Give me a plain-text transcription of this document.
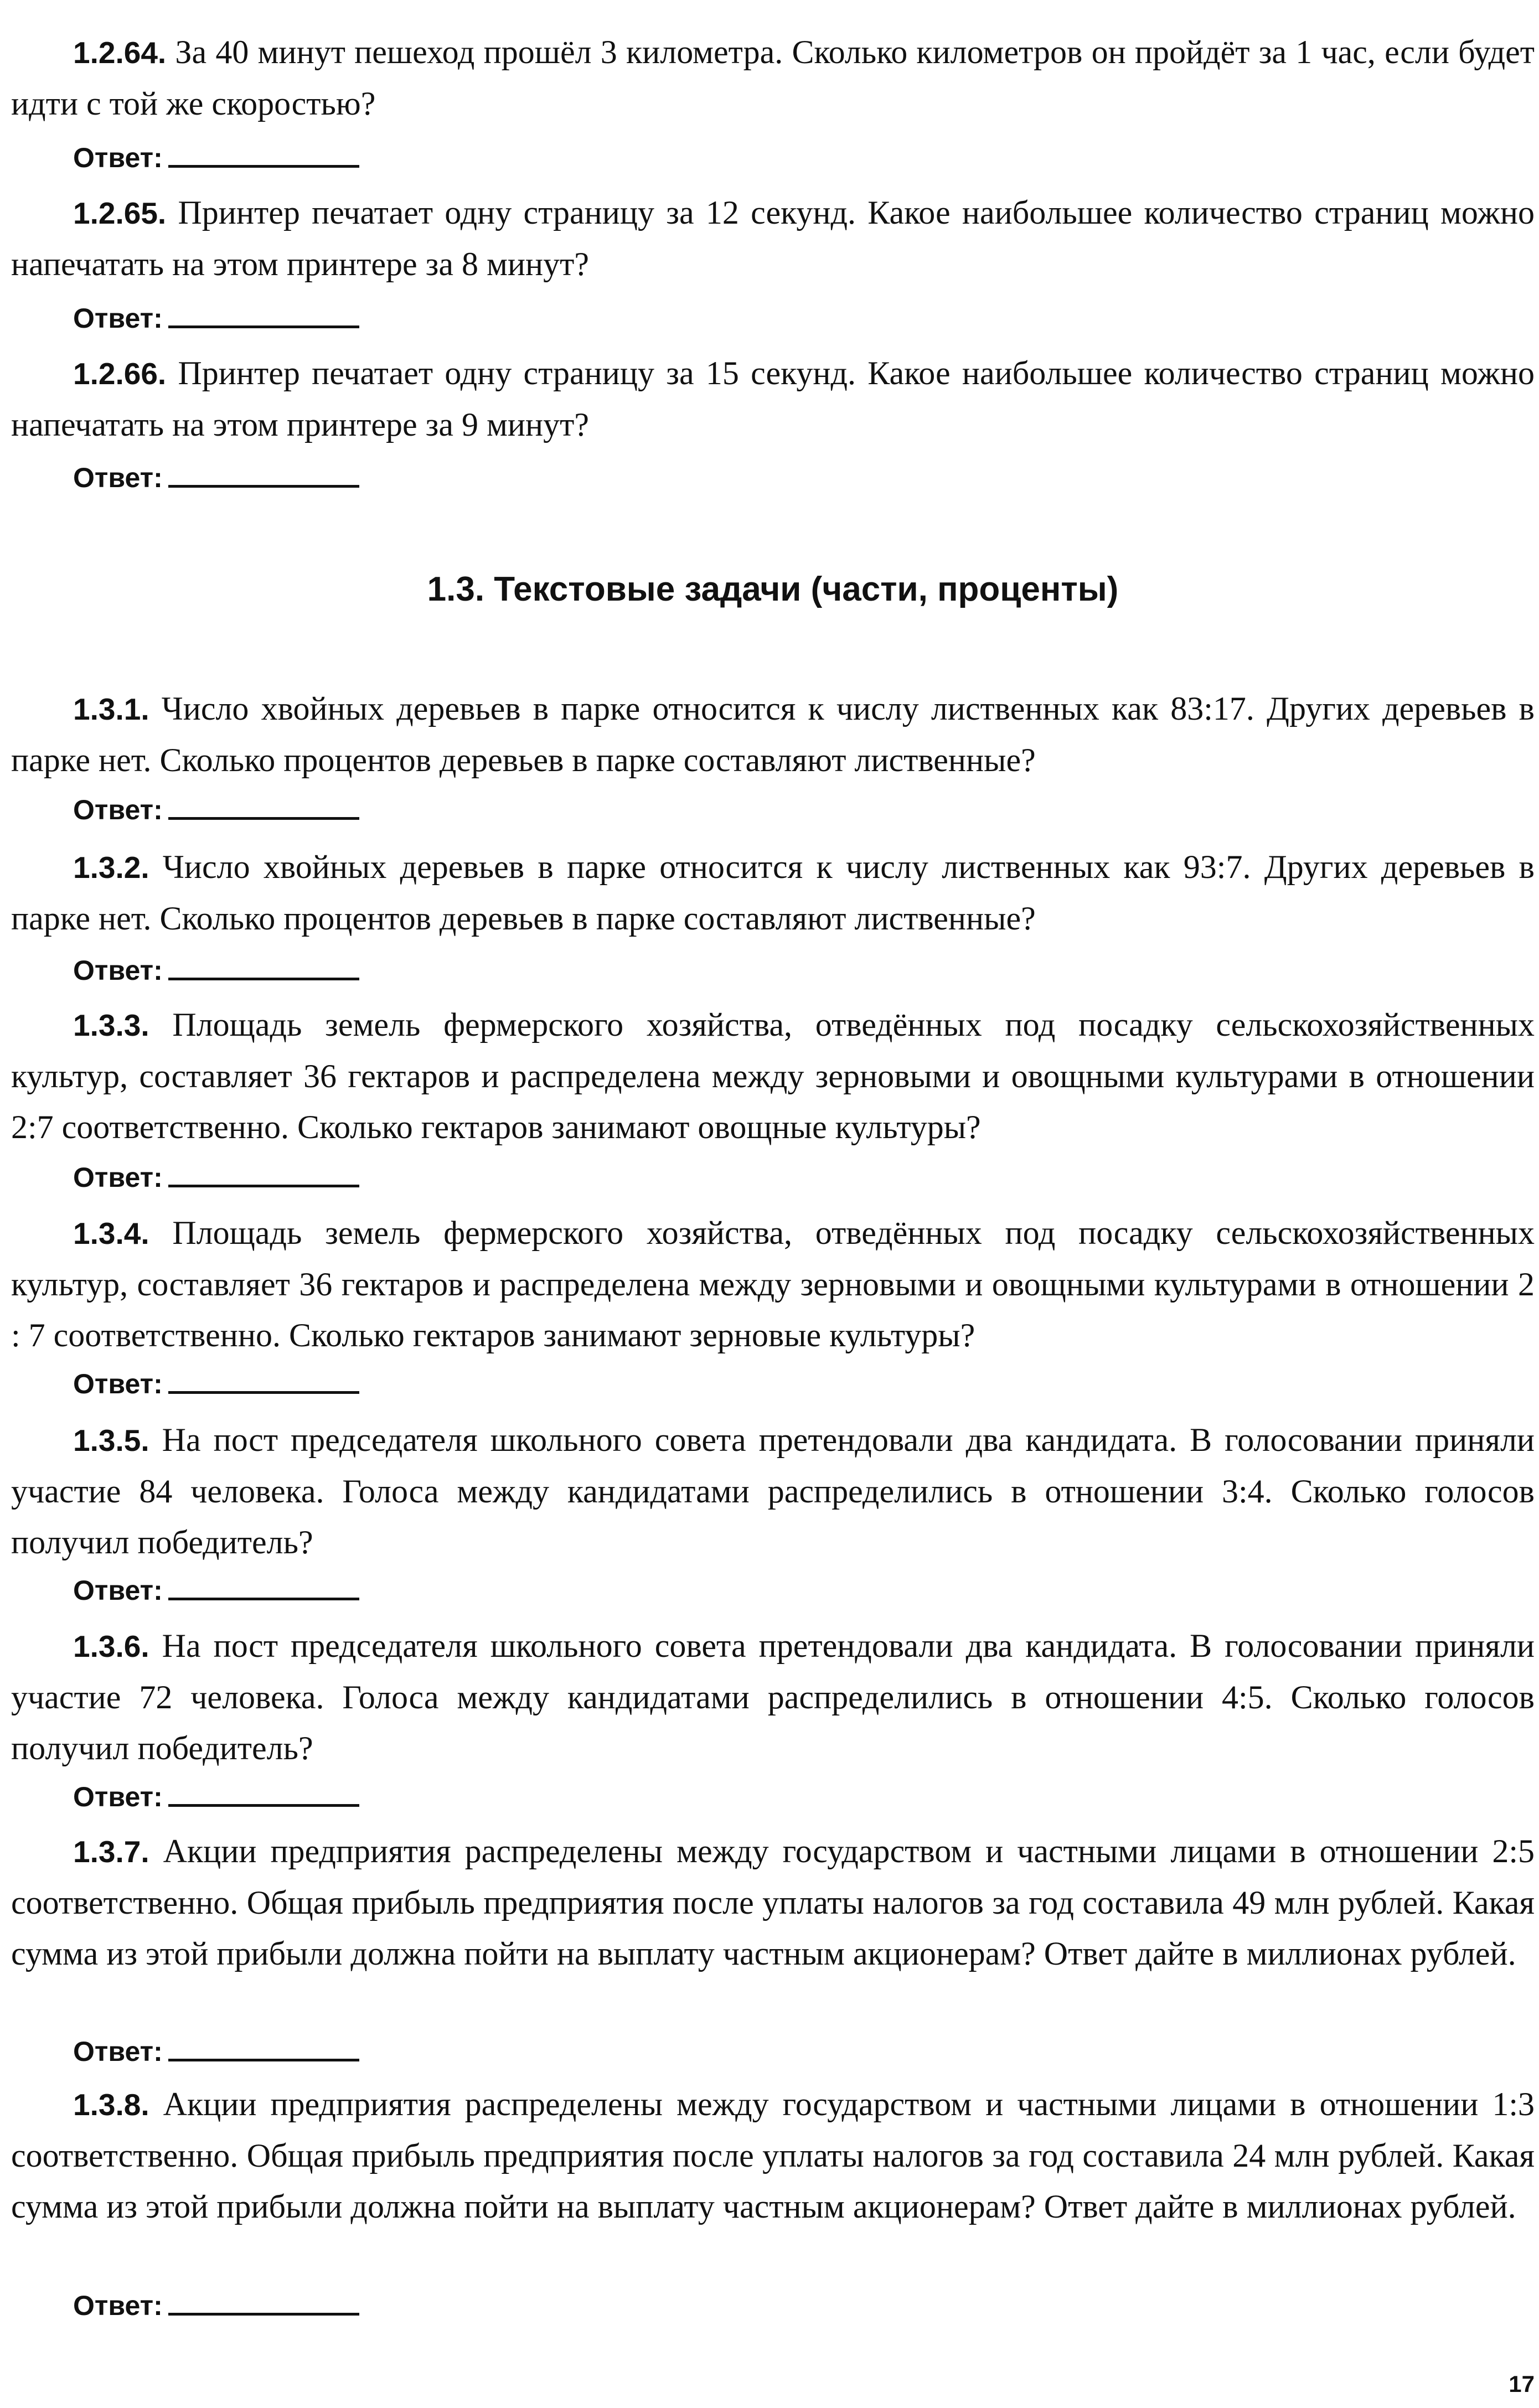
1.2.64. За 40 минут пешеход прошёл 3 километра. Сколько километров он пройдёт за 1 час, если будет идти с той же скоростью?
Ответ:
1.2.65. Принтер печатает одну страницу за 12 секунд. Какое наибольшее количество страниц можно напечатать на этом принтере за 8 минут?
Ответ:
1.2.66. Принтер печатает одну страницу за 15 секунд. Какое наибольшее количество страниц можно напечатать на этом принтере за 9 минут?
Ответ:
1.3. Текстовые задачи (части, проценты)
1.3.1. Число хвойных деревьев в парке относится к числу лиственных как 83:17. Других деревьев в парке нет. Сколько процентов деревьев в парке составляют лиственные?
Ответ:
1.3.2. Число хвойных деревьев в парке относится к числу лиственных как 93:7. Других деревьев в парке нет. Сколько процентов деревьев в парке составляют лиственные?
Ответ:
1.3.3. Площадь земель фермерского хозяйства, отведённых под посадку сельскохозяйственных культур, составляет 36 гектаров и распределена между зерновыми и овощными культурами в отношении 2:7 соответственно. Сколько гектаров занимают овощные культуры?
Ответ:
1.3.4. Площадь земель фермерского хозяйства, отведённых под посадку сельскохозяйственных культур, составляет 36 гектаров и распределена между зерновыми и овощными культурами в отношении 2 : 7 соответственно. Сколько гектаров занимают зерновые культуры?
Ответ:
1.3.5. На пост председателя школьного совета претендовали два кандидата. В голосовании приняли участие 84 человека. Голоса между кандидатами распределились в отношении 3:4. Сколько голосов получил победитель?
Ответ:
1.3.6. На пост председателя школьного совета претендовали два кандидата. В голосовании приняли участие 72 человека. Голоса между кандидатами распределились в отношении 4:5. Сколько голосов получил победитель?
Ответ:
1.3.7. Акции предприятия распределены между государством и частными лицами в отношении 2:5 соответственно. Общая прибыль предприятия после уплаты налогов за год составила 49 млн рублей. Какая сумма из этой прибыли должна пойти на выплату частным акционерам? Ответ дайте в миллионах рублей.
Ответ:
1.3.8. Акции предприятия распределены между государством и частными лицами в отношении 1:3 соответственно. Общая прибыль предприятия после уплаты налогов за год составила 24 млн рублей. Какая сумма из этой прибыли должна пойти на выплату частным акционерам? Ответ дайте в миллионах рублей.
Ответ:
17
